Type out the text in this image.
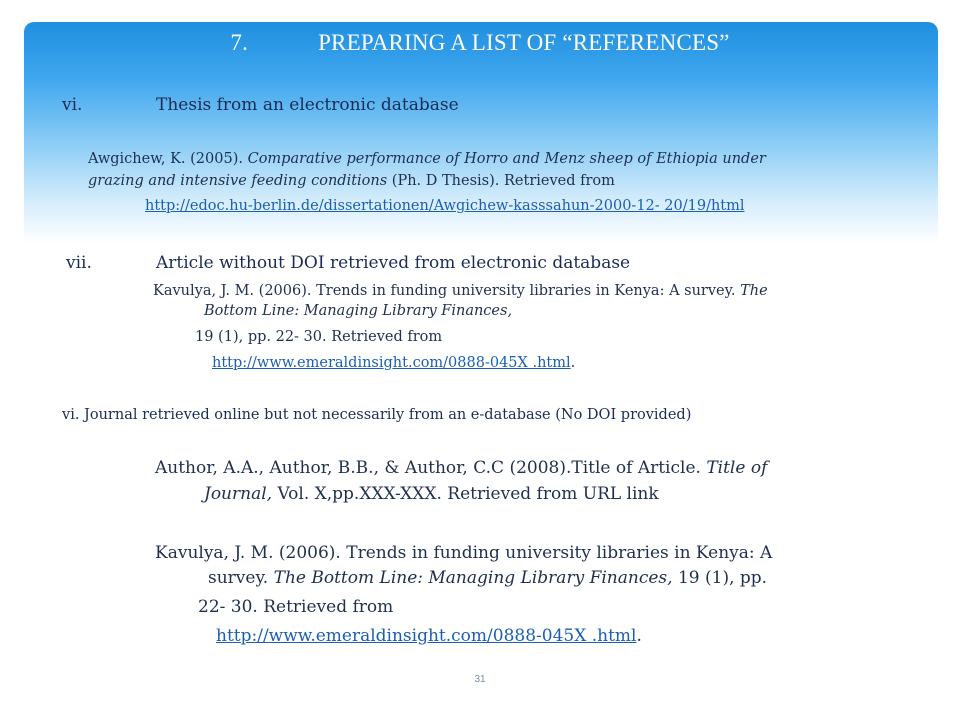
7.	PREPARING A LIST OF “REFERENCES”
vi.	Thesis from an electronic database
Awgichew, K. (2005). Comparative performance of Horro and Menz sheep of Ethiopia under
grazing and intensive feeding conditions (Ph. D Thesis). Retrieved from
http://edoc.hu-berlin.de/dissertationen/Awgichew-kasssahun-2000-12- 20/19/html
vii.	Article without DOI retrieved from electronic database
Kavulya, J. M. (2006). Trends in funding university libraries in Kenya: A survey. The
Bottom Line: Managing Library Finances,
19 (1), pp. 22- 30. Retrieved from
http://www.emeraldinsight.com/0888-045X .html.
vi. Journal retrieved online but not necessarily from an e-database (No DOI provided)
Author, A.A., Author, B.B., & Author, C.C (2008).Title of Article. Title of
Journal, Vol. X,pp.XXX-XXX. Retrieved from URL link
Kavulya, J. M. (2006). Trends in funding university libraries in Kenya: A
survey. The Bottom Line: Managing Library Finances, 19 (1), pp.
22- 30. Retrieved from
http://www.emeraldinsight.com/0888-045X .html.
31
